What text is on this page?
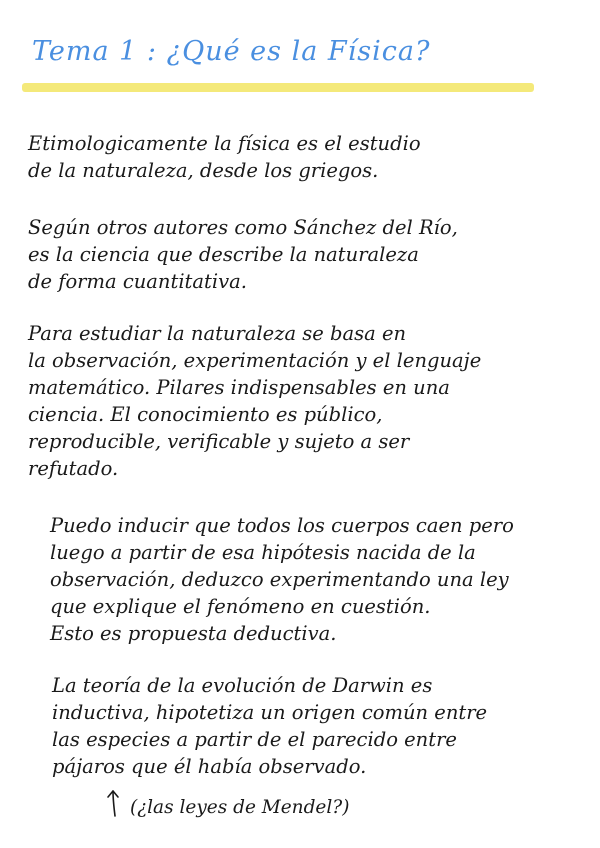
Tema 1 : ¿Qué es la Física?
Etimologicamente la física es el estudio
de la naturaleza, desde los griegos.
Según otros autores como Sánchez del Río,
es la ciencia que describe la naturaleza
de forma cuantitativa.
Para estudiar la naturaleza se basa en
la observación, experimentación y el lenguaje
matemático. Pilares indispensables en una
ciencia. El conocimiento es público,
reproducible, verificable y sujeto a ser
refutado.
Puedo inducir que todos los cuerpos caen pero
luego a partir de esa hipótesis nacida de la
observación, deduzco experimentando una ley
que explique el fenómeno en cuestión.
Esto es propuesta deductiva.
La teoría de la evolución de Darwin es
inductiva, hipotetiza un origen común entre
las especies a partir de el parecido entre
pájaros que él había observado.
(¿las leyes de Mendel?)
